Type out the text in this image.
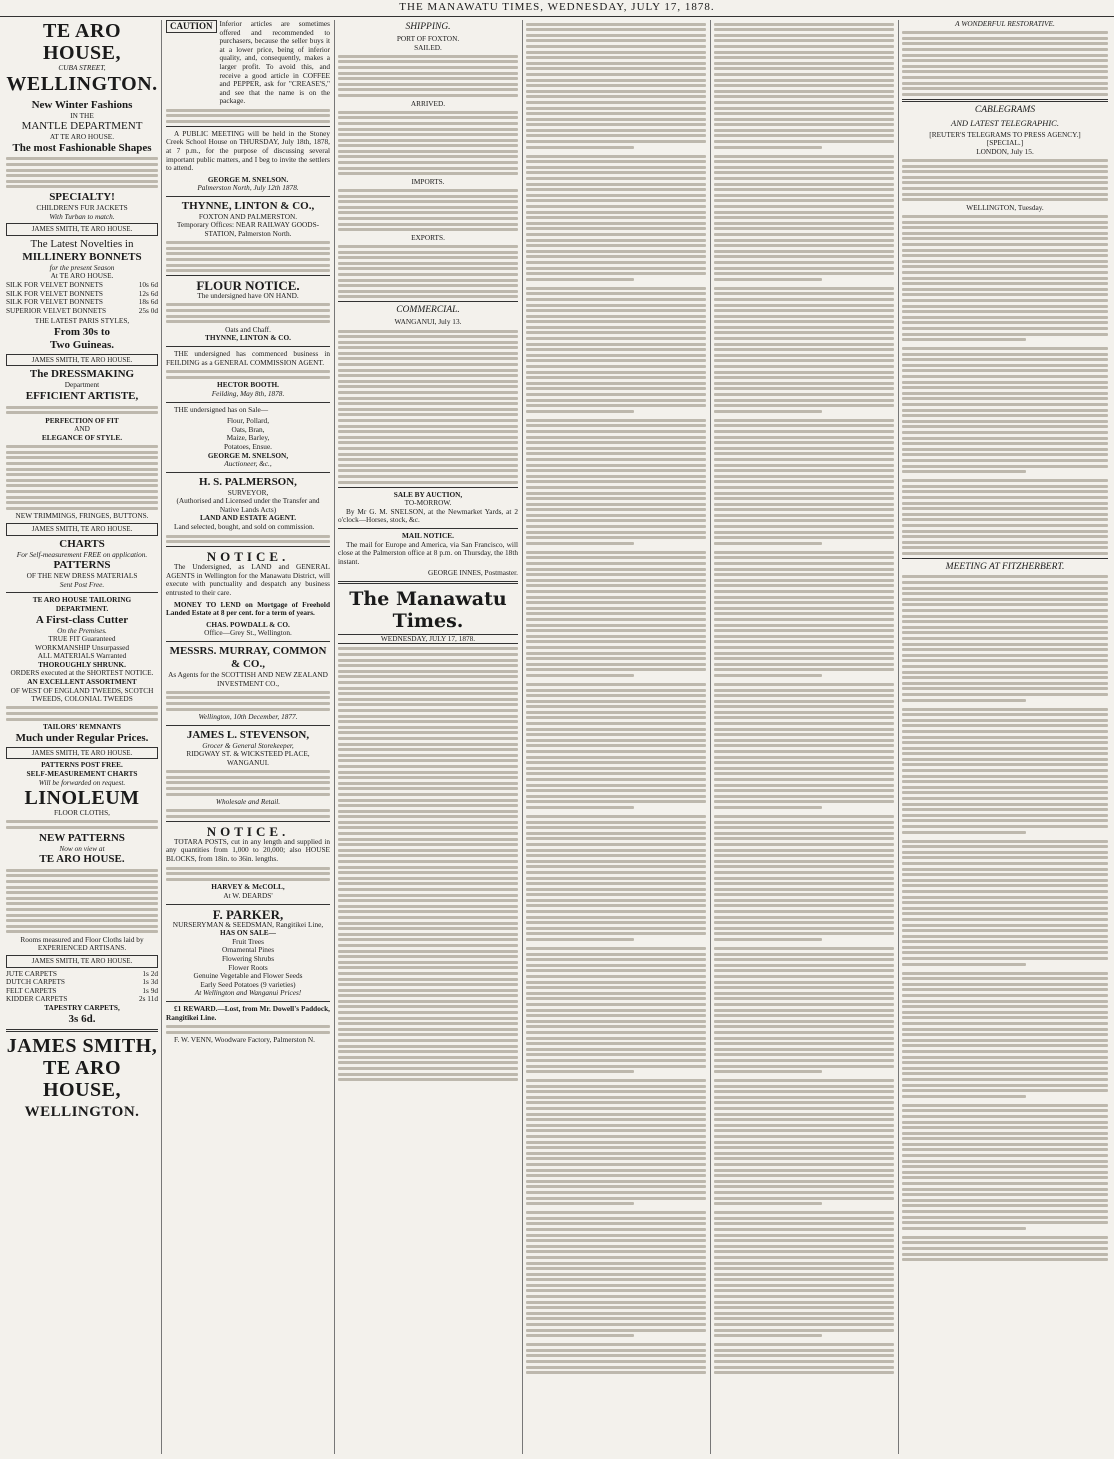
THE MANAWATU TIMES, WEDNESDAY, JULY 17, 1878.
TE ARO HOUSE,
CUBA STREET,
WELLINGTON.
New Winter Fashions
IN THE
MANTLE DEPARTMENT
AT TE ARO HOUSE.
The most Fashionable Shapes
SPECIALTY!
CHILDREN'S FUR JACKETS
With Turban to match.
JAMES SMITH, TE ARO HOUSE.
The Latest Novelties in
MILLINERY BONNETS
for the present Season
At TE ARO HOUSE.
SILK FOR VELVET BONNETS	10s 6d
SILK FOR VELVET BONNETS	12s 6d
SILK FOR VELVET BONNETS	18s 6d
SUPERIOR VELVET BONNETS	25s 0d
THE LATEST PARIS STYLES,
From 30s to
Two Guineas.
JAMES SMITH, TE ARO HOUSE.
The DRESSMAKING
Department
EFFICIENT ARTISTE,
PERFECTION OF FIT
AND
ELEGANCE OF STYLE.
NEW TRIMMINGS, FRINGES, BUTTONS.
JAMES SMITH, TE ARO HOUSE.
CHARTS
For Self-measurement FREE on application.
PATTERNS
OF THE NEW DRESS MATERIALS
Sent Post Free.
TE ARO HOUSE TAILORING DEPARTMENT.
A First-class Cutter
On the Premises.
TRUE FIT Guaranteed
WORKMANSHIP Unsurpassed
ALL MATERIALS Warranted
THOROUGHLY SHRUNK.
ORDERS executed at the SHORTEST NOTICE.
AN EXCELLENT ASSORTMENT
OF WEST OF ENGLAND TWEEDS, SCOTCH TWEEDS, COLONIAL TWEEDS
TAILORS' REMNANTS
Much under Regular Prices.
JAMES SMITH, TE ARO HOUSE.
PATTERNS POST FREE.
SELF-MEASUREMENT CHARTS
Will be forwarded on request.
LINOLEUM
FLOOR CLOTHS,
NEW PATTERNS
Now on view at
TE ARO HOUSE.
Rooms measured and Floor Cloths laid by EXPERIENCED ARTISANS.
JAMES SMITH, TE ARO HOUSE.
JUTE CARPETS	1s 2d
DUTCH CARPETS	1s 3d
FELT CARPETS	1s 9d
KIDDER CARPETS	2s 11d
TAPESTRY CARPETS,
3s 6d.
JAMES SMITH,
TE ARO HOUSE,
WELLINGTON.
CAUTION Inferior articles are sometimes offered and recommended to purchasers, because the seller buys it at a lower price, being of inferior quality, and, consequently, makes a larger profit. To avoid this, and receive a good article in COFFEE and PEPPER, ask for "CREASE'S," and see that the name is on the package.
A PUBLIC MEETING will be held in the Stoney Creek School House on THURSDAY, July 18th, 1878, at 7 p.m., for the purpose of discussing several important public matters, and I beg to invite the settlers to attend.
GEORGE M. SNELSON.
Palmerston North, July 12th 1878.
THYNNE, LINTON & CO.,
FOXTON AND PALMERSTON.
Temporary Offices: NEAR RAILWAY GOODS-STATION, Palmerston North.
FLOUR NOTICE.
The undersigned have ON HAND.
Oats and Chaff.
THYNNE, LINTON & CO.
THE undersigned has commenced business in FEILDING as a GENERAL COMMISSION AGENT.
HECTOR BOOTH.
Feilding, May 8th, 1878.
THE undersigned has on Sale—
Flour, Pollard,
Oats, Bran,
Maize, Barley,
Potatoes, Ensue.
GEORGE M. SNELSON,
Auctioneer, &c.,
H. S. PALMERSON,
SURVEYOR,
(Authorised and Licensed under the Transfer and Native Lands Acts)
LAND AND ESTATE AGENT.
Land selected, bought, and sold on commission.
NOTICE.
The Undersigned, as LAND and GENERAL AGENTS in Wellington for the Manawatu District, will execute with punctuality and despatch any business entrusted to their care.
MONEY TO LEND on Mortgage of Freehold Landed Estate at 8 per cent. for a term of years.
CHAS. POWDALL & CO.
Office—Grey St., Wellington.
MESSRS. MURRAY, COMMON & CO.,
As Agents for the SCOTTISH AND NEW ZEALAND INVESTMENT CO.,
Wellington, 10th December, 1877.
JAMES L. STEVENSON,
Grocer & General Storekeeper,
RIDGWAY ST. & WICKSTEED PLACE, WANGANUI.
Wholesale and Retail.
NOTICE.
TOTARA POSTS, cut in any length and supplied in any quantities from 1,000 to 20,000; also HOUSE BLOCKS, from 18in. to 36in. lengths.
HARVEY & McCOLL,
At W. DEARDS'
F. PARKER,
NURSERYMAN & SEEDSMAN, Rangitikei Line,
HAS ON SALE—
Fruit Trees
Ornamental Pines
Flowering Shrubs
Flower Roots
Genuine Vegetable and Flower Seeds
Early Seed Potatoes (9 varieties)
At Wellington and Wanganui Prices!
£1 REWARD.—Lost, from Mr. Dowell's Paddock, Rangitikei Line.
F. W. VENN, Woodware Factory, Palmerston N.
SHIPPING.
PORT OF FOXTON.
SAILED.
ARRIVED.
IMPORTS.
EXPORTS.
COMMERCIAL.
WANGANUI, July 13.
SALE BY AUCTION,
TO-MORROW.
By Mr G. M. SNELSON, at the Newmarket Yards, at 2 o'clock—Horses, stock, &c.
MAIL NOTICE.
The mail for Europe and America, via San Francisco, will close at the Palmerston office at 8 p.m. on Thursday, the 18th instant.
GEORGE INNES, Postmaster.
The Manawatu Times.
WEDNESDAY, JULY 17, 1878.
A WONDERFUL RESTORATIVE.
CABLEGRAMS
AND LATEST TELEGRAPHIC.
[REUTER'S TELEGRAMS TO PRESS AGENCY.]
[SPECIAL.]
LONDON, July 15.
WELLINGTON, Tuesday.
MEETING AT FITZHERBERT.
